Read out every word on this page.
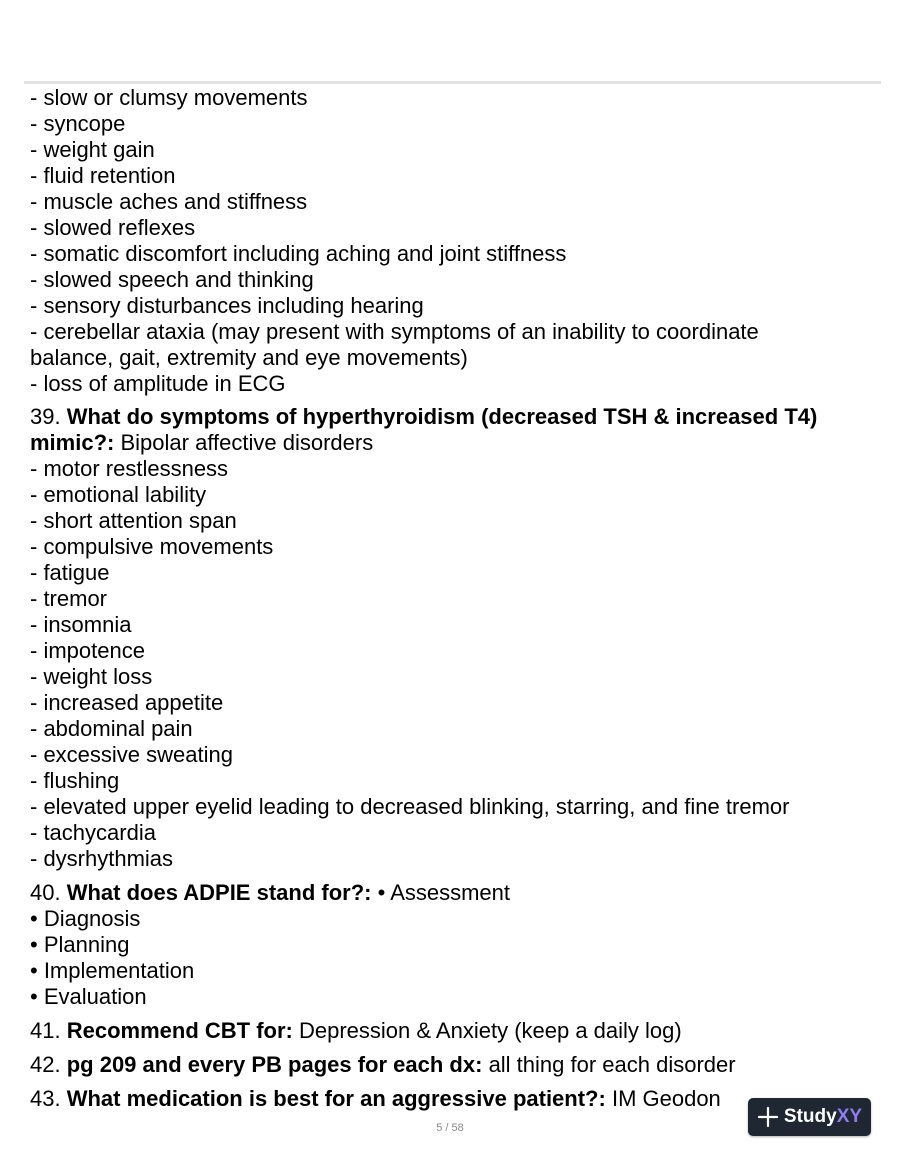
- slow or clumsy movements
- syncope
- weight gain
- fluid retention
- muscle aches and stiffness
- slowed reflexes
- somatic discomfort including aching and joint stiffness
- slowed speech and thinking
- sensory disturbances including hearing
- cerebellar ataxia (may present with symptoms of an inability to coordinate
balance, gait, extremity and eye movements)
- loss of amplitude in ECG
39. What do symptoms of hyperthyroidism (decreased TSH & increased T4) mimic?: Bipolar affective disorders
- motor restlessness
- emotional lability
- short attention span
- compulsive movements
- fatigue
- tremor
- insomnia
- impotence
- weight loss
- increased appetite
- abdominal pain
- excessive sweating
- flushing
- elevated upper eyelid leading to decreased blinking, starring, and fine tremor
- tachycardia
- dysrhythmias
40. What does ADPIE stand for?: • Assessment
• Diagnosis
• Planning
• Implementation
• Evaluation
41. Recommend CBT for: Depression & Anxiety (keep a daily log)
42. pg 209 and every PB pages for each dx: all thing for each disorder
43. What medication is best for an aggressive patient?: IM Geodon
5 / 58
Study XY
